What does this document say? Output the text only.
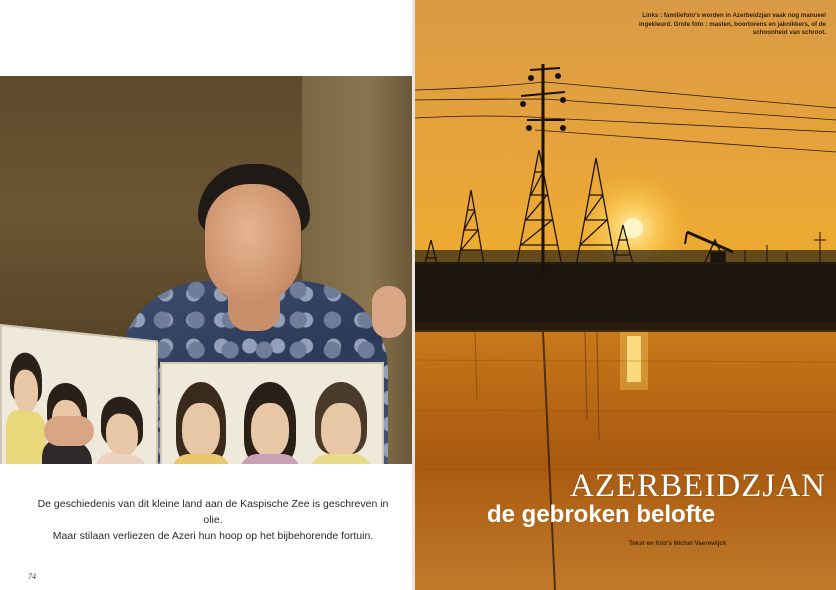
De geschiedenis van dit kleine land aan de Kaspische Zee is geschreven in olie.
Maar stilaan verliezen de Azeri hun hoop op het bijbehorende fortuin.
74
Links : familiefoto's worden in Azerbeidzjan vaak nog manueel ingekleurd. Grote foto : masten, boortorens en jaknikkers, of de schoonheid van schroot.
AZERBEIDZJAN
de gebroken belofte
Tekst en foto's Michel Vaerewijck
